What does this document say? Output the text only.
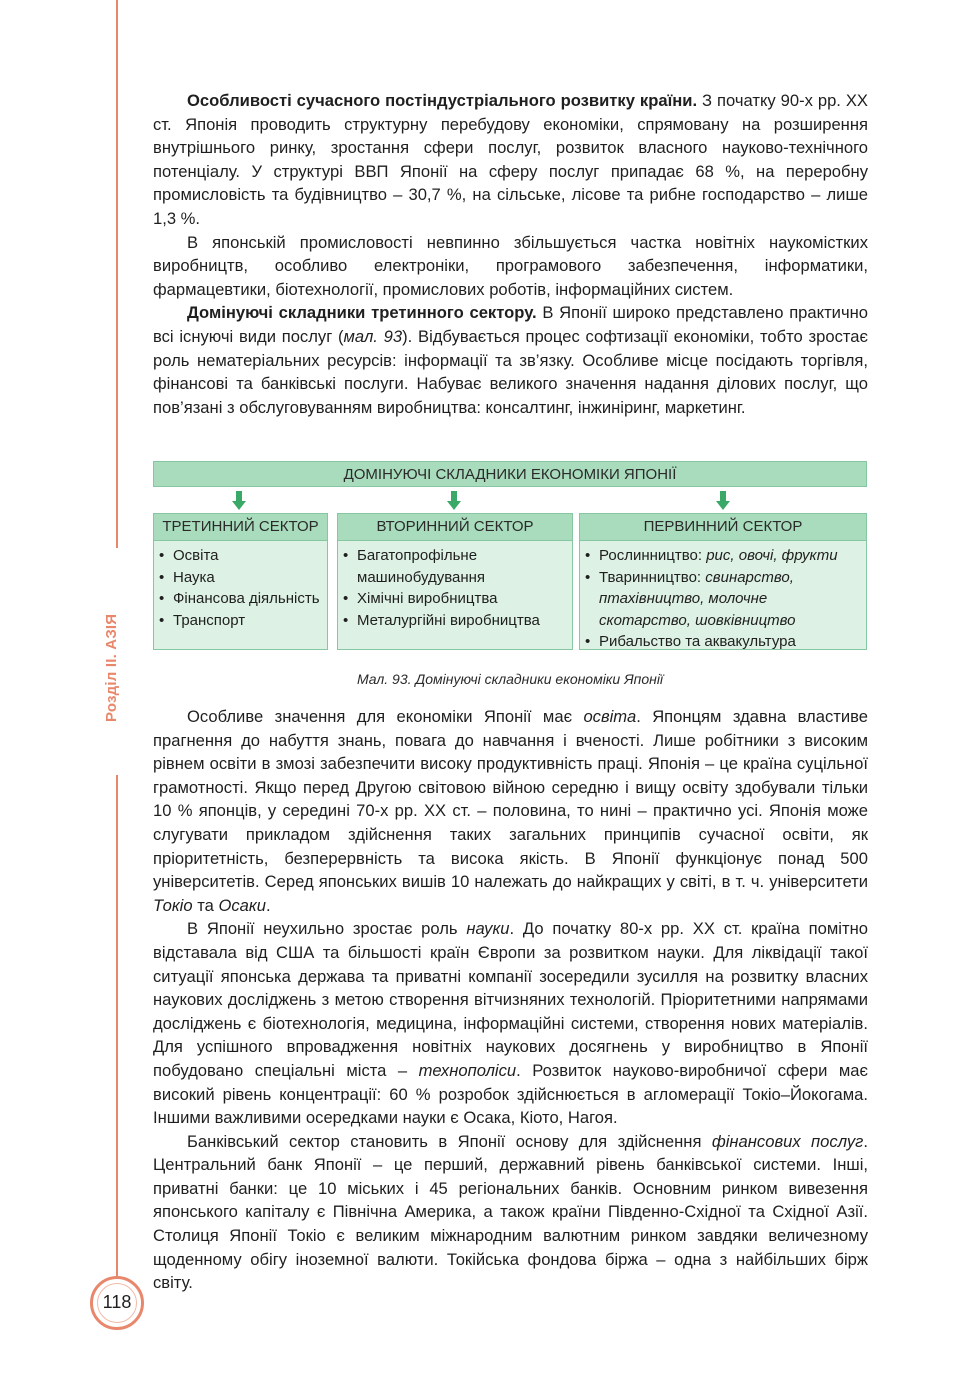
Розділ ІІ. АЗІЯ

Особливості сучасного постіндустріального розвитку країни. З початку 90-х рр. ХХ ст. Японія проводить структурну перебудову економіки, спрямовану на розширення внутрішнього ринку, зростання сфери послуг, розвиток власного науково-технічного потенціалу. У структурі ВВП Японії на сферу послуг припадає 68 %, на переробну промисловість та будівництво – 30,7 %, на сільське, лісове та рибне господарство – лише 1,3 %.

В японській промисловості невпинно збільшується частка новітніх наукомістких виробництв, особливо електроніки, програмового забезпечення, інформатики, фармацевтики, біотехнології, промислових роботів, інформаційних систем.

Домінуючі складники третинного сектору. В Японії широко представлено практично всі існуючі види послуг (мал. 93). Відбувається процес софтизації економіки, тобто зростає роль нематеріальних ресурсів: інформації та зв’язку. Особливе місце посідають торгівля, фінансові та банківські послуги. Набуває великого значення надання ділових послуг, що пов’язані з обслуговуванням виробництва: консалтинг, інжиніринг, маркетинг.

ДОМІНУЮЧІ СКЛАДНИКИ ЕКОНОМІКИ ЯПОНІЇ
ТРЕТИННИЙ СЕКТОР
• Освіта
• Наука
• Фінансова діяльність
• Транспорт
ВТОРИННИЙ СЕКТОР
• Багатопрофільне машинобудування
• Хімічні виробництва
• Металургійні виробництва
ПЕРВИННИЙ СЕКТОР
• Рослинництво: рис, овочі, фрукти
• Тваринництво: свинарство, птахівництво, молочне скотарство, шовківництво
• Рибальство та аквакультура
Мал. 93. Домінуючі складники економіки Японії

Особливе значення для економіки Японії має освіта. Японцям здавна властиве прагнення до набуття знань, повага до навчання і вченості. Лише робітники з високим рівнем освіти в змозі забезпечити високу продуктивність праці. Японія – це країна суцільної грамотності. Якщо перед Другою світовою війною середню і вищу освіту здобували тільки 10 % японців, у середині 70-х рр. ХХ ст. – половина, то нині – практично усі. Японія може слугувати прикладом здійснення таких загальних принципів сучасної освіти, як пріоритетність, безперервність та висока якість. В Японії функціонує понад 500 університетів. Серед японських вишів 10 належать до найкращих у світі, в т. ч. університети Токіо та Осаки.

В Японії неухильно зростає роль науки. До початку 80-х рр. ХХ ст. країна помітно відставала від США та більшості країн Європи за розвитком науки. Для ліквідації такої ситуації японська держава та приватні компанії зосередили зусилля на розвитку власних наукових досліджень з метою створення вітчизняних технологій. Пріоритетними напрямами досліджень є біотехнологія, медицина, інформаційні системи, створення нових матеріалів. Для успішного впровадження новітніх наукових досягнень у виробництво в Японії побудовано спеціальні міста – технополіси. Розвиток науково-виробничої сфери має високий рівень концентрації: 60 % розробок здійснюється в агломерації Токіо–Йокогама. Іншими важливими осередками науки є Осака, Кіото, Нагоя.

Банківський сектор становить в Японії основу для здійснення фінансових послуг. Центральний банк Японії – це перший, державний рівень банківської системи. Інші, приватні банки: це 10 міських і 45 регіональних банків. Основним ринком вивезення японського капіталу є Північна Америка, а також країни Південно-Східної та Східної Азії. Столиця Японії Токіо є великим міжнародним валютним ринком завдяки величезному щоденному обігу іноземної валюти. Токійська фондова біржа – одна з найбільших бірж світу.

118
